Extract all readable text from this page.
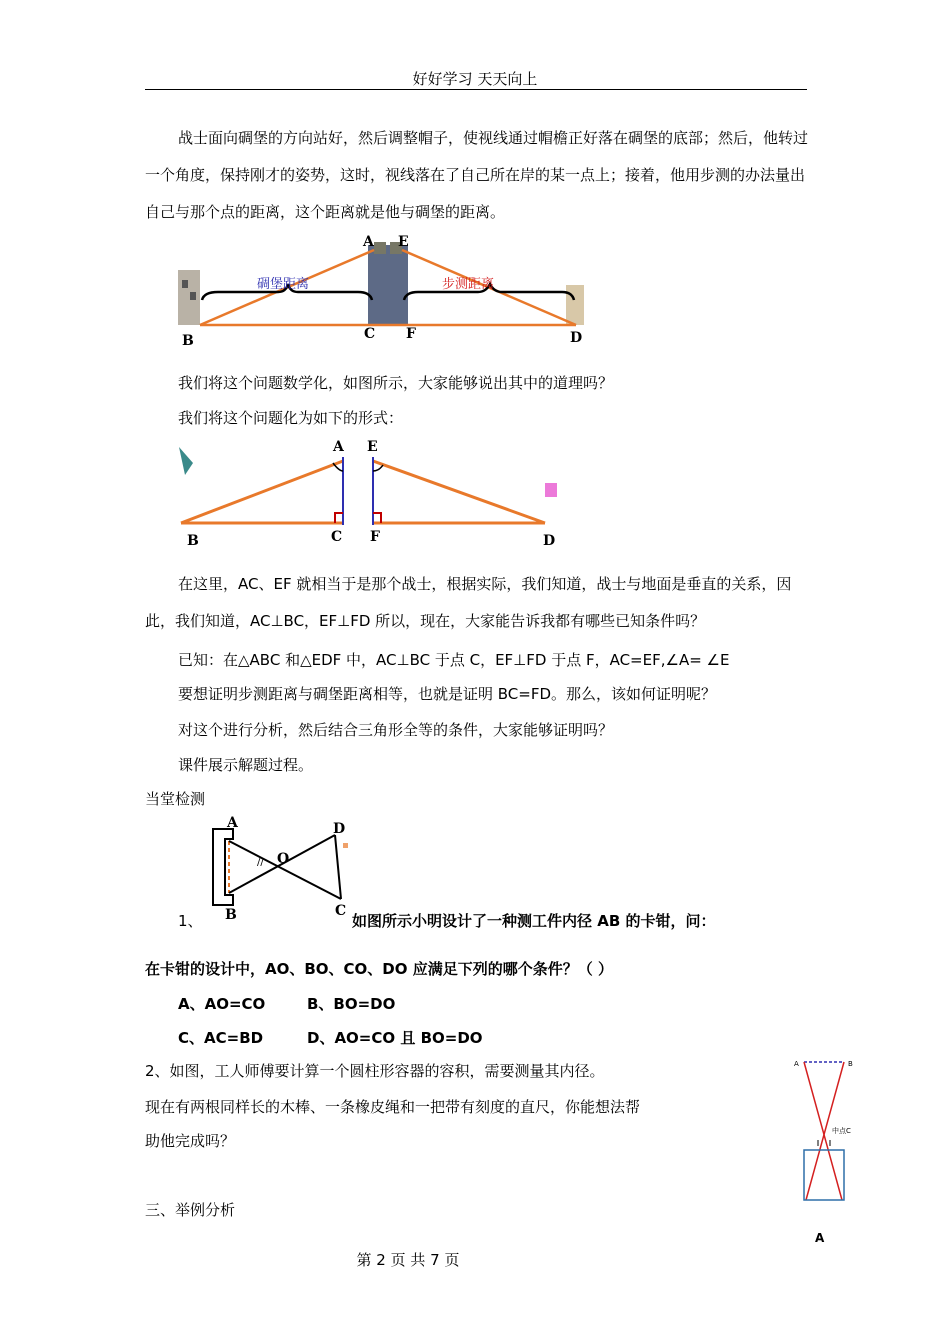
好好学习 天天向上
战士面向碉堡的方向站好，然后调整帽子，使视线通过帽檐正好落在碉堡的底部；然后，他转过一个角度，保持刚才的姿势，这时，视线落在了自己所在岸的某一点上；接着，他用步测的办法量出自己与那个点的距离，这个距离就是他与碉堡的距离。
碉堡距离	步测距离
A E
B	C F	D
我们将这个问题数学化，如图所示，大家能够说出其中的道理吗？
我们将这个问题化为如下的形式：
A E
B	C F	D
在这里，AC、EF 就相当于是那个战士，根据实际，我们知道，战士与地面是垂直的关系，因此，我们知道，AC⊥BC，EF⊥FD 所以，现在，大家能告诉我都有哪些已知条件吗？
已知：在△ABC 和△EDF 中，AC⊥BC 于点 C，EF⊥FD 于点 F，AC=EF,∠A= ∠E
要想证明步测距离与碉堡距离相等，也就是证明 BC=FD。那么，该如何证明呢？
对这个进行分析，然后结合三角形全等的条件，大家能够证明吗？
课件展示解题过程。
当堂检测
//
A
B
O
D
C
1、	如图所示小明设计了一种测工件内径 AB 的卡钳，问：
在卡钳的设计中，AO、BO、CO、DO 应满足下列的哪个条件？（ ）
A、AO=CO	B、BO=DO
C、AC=BD	D、AO=CO 且 BO=DO
2、如图，工人师傅要计算一个圆柱形容器的容积，需要测量其内径。
现在有两根同样长的木棒、一条橡皮绳和一把带有刻度的直尺，你能想法帮
助他完成吗？
A	B
中点C
A
三、举例分析
第 2 页 共 7 页
